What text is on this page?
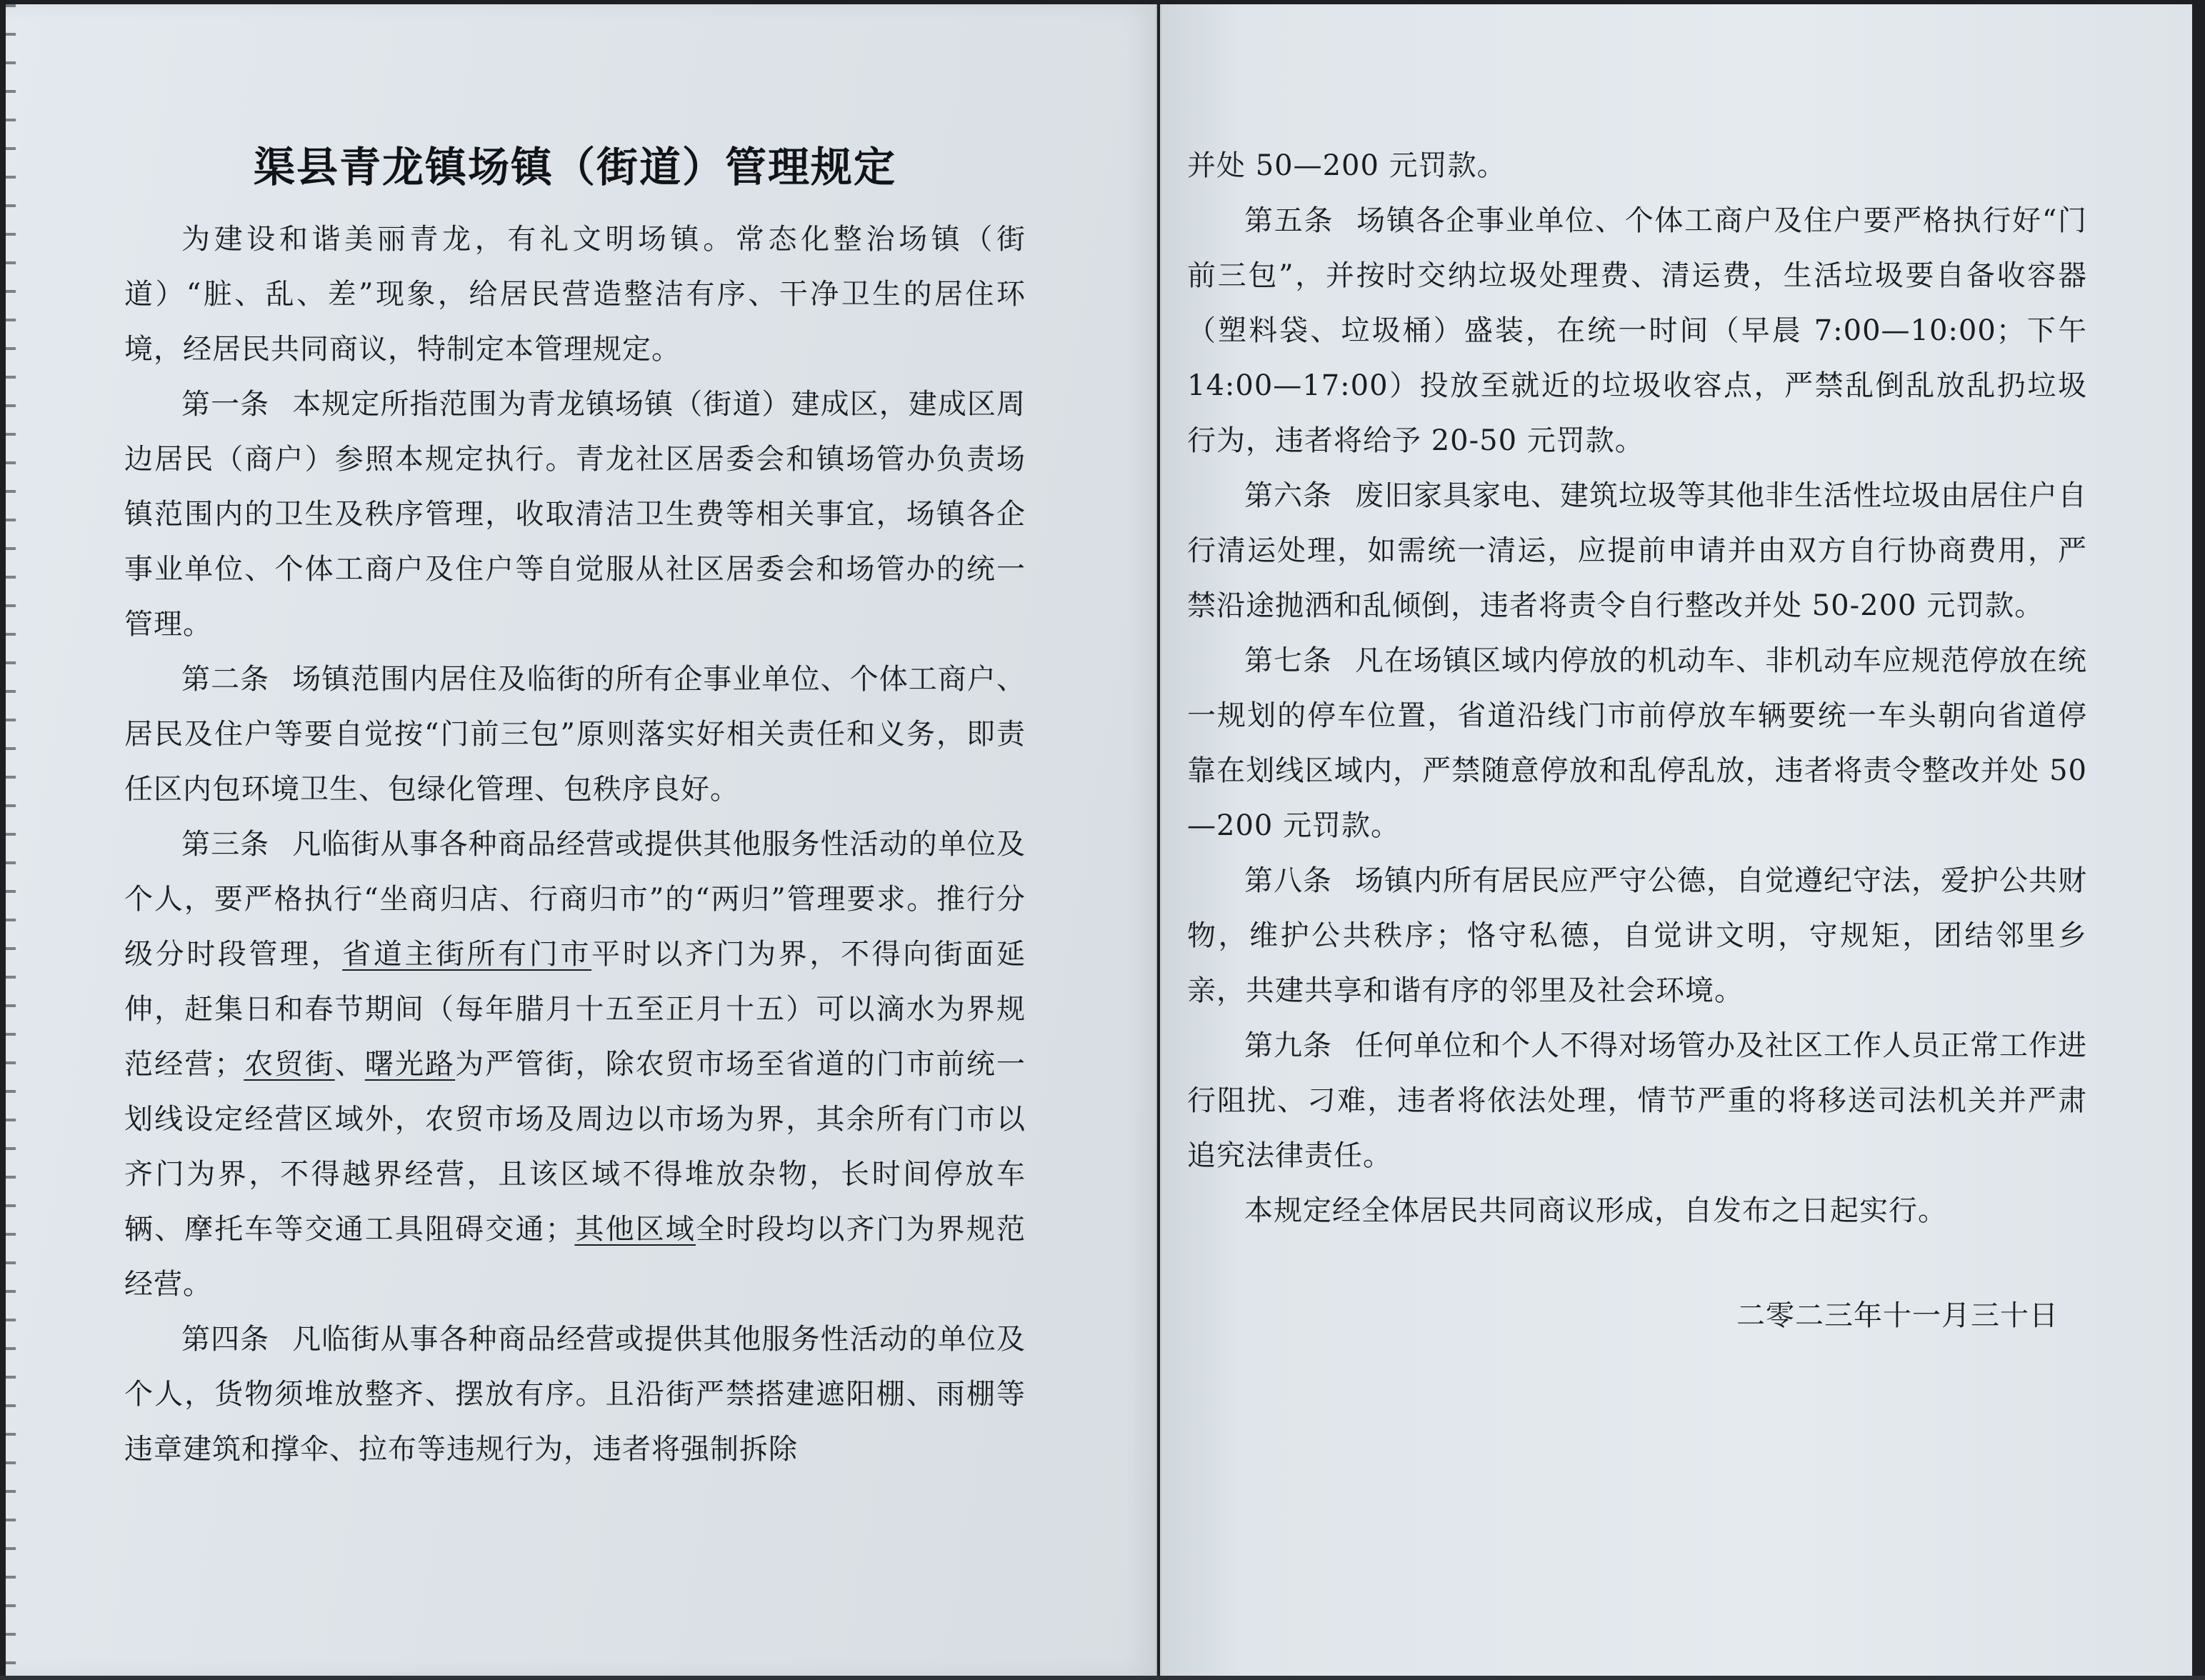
渠县青龙镇场镇（街道）管理规定

为建设和谐美丽青龙，有礼文明场镇。常态化整治场镇（街道）“脏、乱、差”现象，给居民营造整洁有序、干净卫生的居住环境，经居民共同商议，特制定本管理规定。

第一条 本规定所指范围为青龙镇场镇（街道）建成区，建成区周边居民（商户）参照本规定执行。青龙社区居委会和镇场管办负责场镇范围内的卫生及秩序管理，收取清洁卫生费等相关事宜，场镇各企事业单位、个体工商户及住户等自觉服从社区居委会和场管办的统一管理。

第二条 场镇范围内居住及临街的所有企事业单位、个体工商户、居民及住户等要自觉按“门前三包”原则落实好相关责任和义务，即责任区内包环境卫生、包绿化管理、包秩序良好。

第三条 凡临街从事各种商品经营或提供其他服务性活动的单位及个人，要严格执行“坐商归店、行商归市”的“两归”管理要求。推行分级分时段管理，省道主街所有门市平时以齐门为界，不得向街面延伸，赶集日和春节期间（每年腊月十五至正月十五）可以滴水为界规范经营；农贸街、曙光路为严管街，除农贸市场至省道的门市前统一划线设定经营区域外，农贸市场及周边以市场为界，其余所有门市以齐门为界，不得越界经营，且该区域不得堆放杂物，长时间停放车辆、摩托车等交通工具阻碍交通；其他区域全时段均以齐门为界规范经营。

第四条 凡临街从事各种商品经营或提供其他服务性活动的单位及个人，货物须堆放整齐、摆放有序。且沿街严禁搭建遮阳棚、雨棚等违章建筑和撑伞、拉布等违规行为，违者将强制拆除

并处 50—200 元罚款。

第五条 场镇各企事业单位、个体工商户及住户要严格执行好“门前三包”，并按时交纳垃圾处理费、清运费，生活垃圾要自备收容器（塑料袋、垃圾桶）盛装，在统一时间（早晨 7:00—10:00；下午 14:00—17:00）投放至就近的垃圾收容点，严禁乱倒乱放乱扔垃圾行为，违者将给予 20-50 元罚款。

第六条 废旧家具家电、建筑垃圾等其他非生活性垃圾由居住户自行清运处理，如需统一清运，应提前申请并由双方自行协商费用，严禁沿途抛洒和乱倾倒，违者将责令自行整改并处 50-200 元罚款。

第七条 凡在场镇区域内停放的机动车、非机动车应规范停放在统一规划的停车位置，省道沿线门市前停放车辆要统一车头朝向省道停靠在划线区域内，严禁随意停放和乱停乱放，违者将责令整改并处 50—200 元罚款。

第八条 场镇内所有居民应严守公德，自觉遵纪守法，爱护公共财物，维护公共秩序；恪守私德，自觉讲文明，守规矩，团结邻里乡亲，共建共享和谐有序的邻里及社会环境。

第九条 任何单位和个人不得对场管办及社区工作人员正常工作进行阻扰、刁难，违者将依法处理，情节严重的将移送司法机关并严肃追究法律责任。

本规定经全体居民共同商议形成，自发布之日起实行。

二零二三年十一月三十日
